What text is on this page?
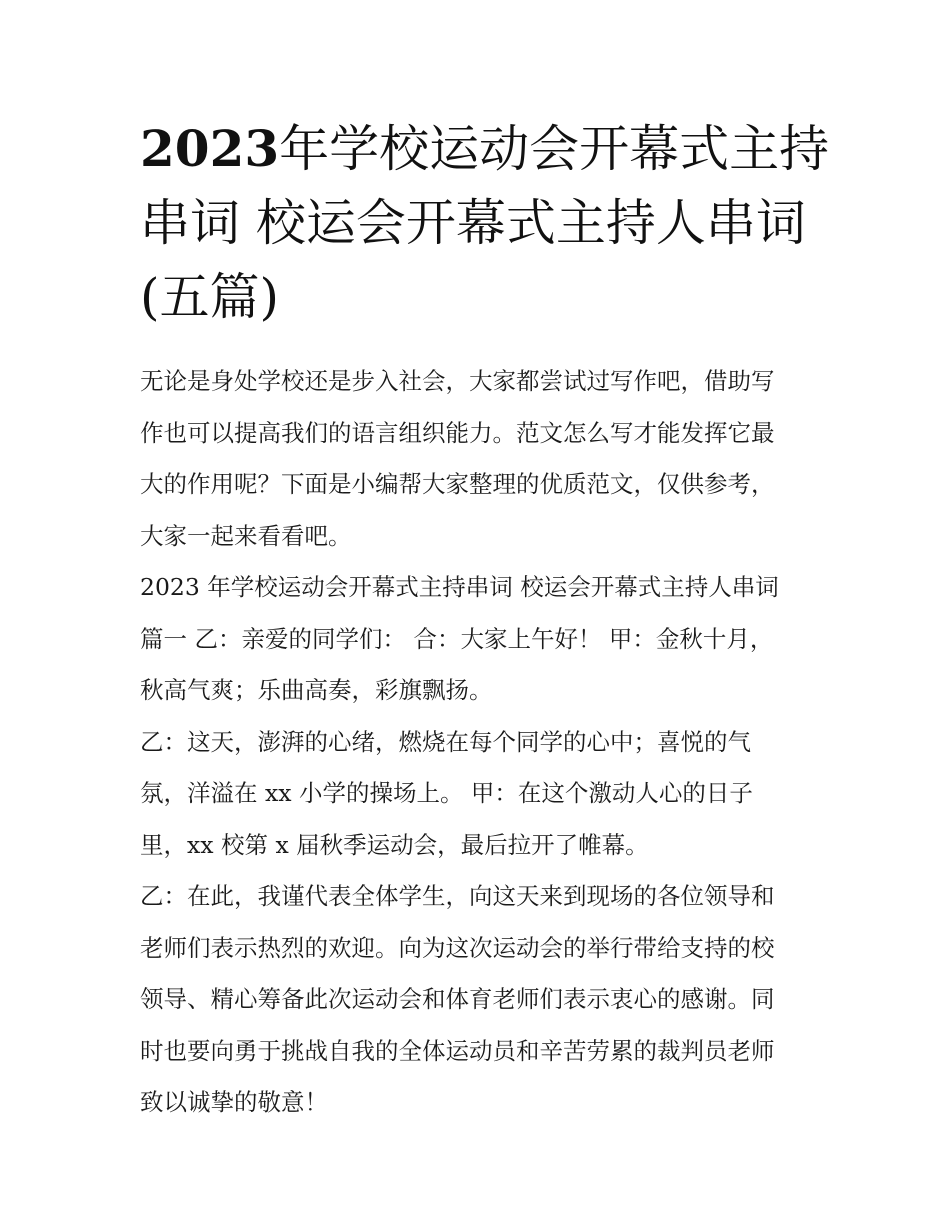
2023年学校运动会开幕式主持
串词 校运会开幕式主持人串词
(五篇)
无论是身处学校还是步入社会，大家都尝试过写作吧，借助写
作也可以提高我们的语言组织能力。范文怎么写才能发挥它最
大的作用呢？下面是小编帮大家整理的优质范文，仅供参考，
大家一起来看看吧。
2023 年学校运动会开幕式主持串词 校运会开幕式主持人串词
篇一 乙：亲爱的同学们： 合：大家上午好！ 甲：金秋十月，
秋高气爽；乐曲高奏，彩旗飘扬。
乙：这天，澎湃的心绪，燃烧在每个同学的心中；喜悦的气
氛，洋溢在 xx 小学的操场上。 甲：在这个激动人心的日子
里，xx 校第 x 届秋季运动会，最后拉开了帷幕。
乙：在此，我谨代表全体学生，向这天来到现场的各位领导和
老师们表示热烈的欢迎。向为这次运动会的举行带给支持的校
领导、精心筹备此次运动会和体育老师们表示衷心的感谢。同
时也要向勇于挑战自我的全体运动员和辛苦劳累的裁判员老师
致以诚挚的敬意！
